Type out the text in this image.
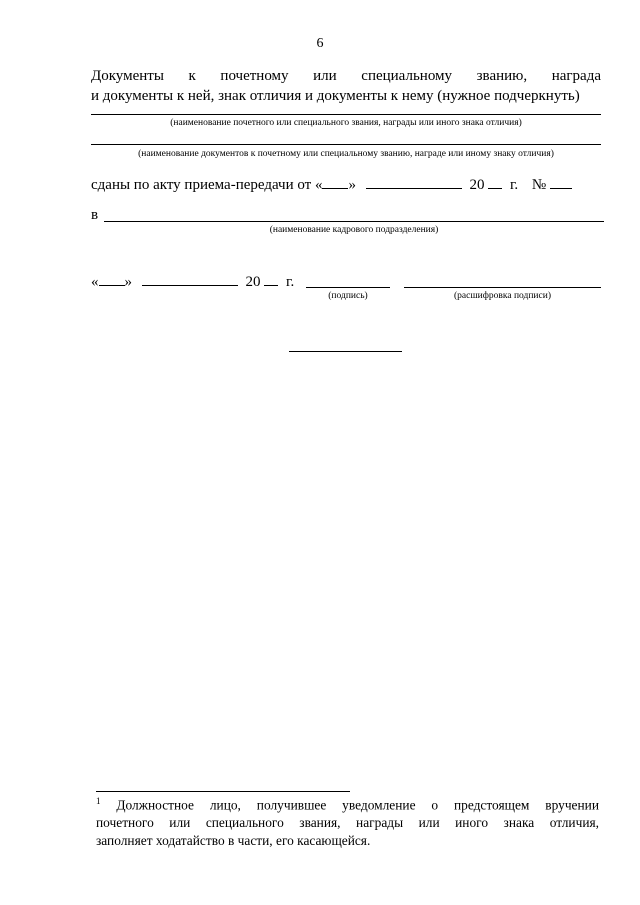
6
Документы к почетному или специальному званию, награда
и документы к ней, знак отличия и документы к нему (нужное подчеркнуть)
(наименование почетного или специального звания, награды или иного знака отличия)
(наименование документов к почетному или специальному званию, награде или иному знаку отличия)
сданы по акту приема-передачи от « »	20 г. №
в
(наименование кадрового подразделения)
« »	20 г.
(подпись)	(расшифровка подписи)
$^1$ Должностное лицо, получившее уведомление о предстоящем вручении
почетного или специального звания, награды или иного знака отличия,
заполняет ходатайство в части, его касающейся.
